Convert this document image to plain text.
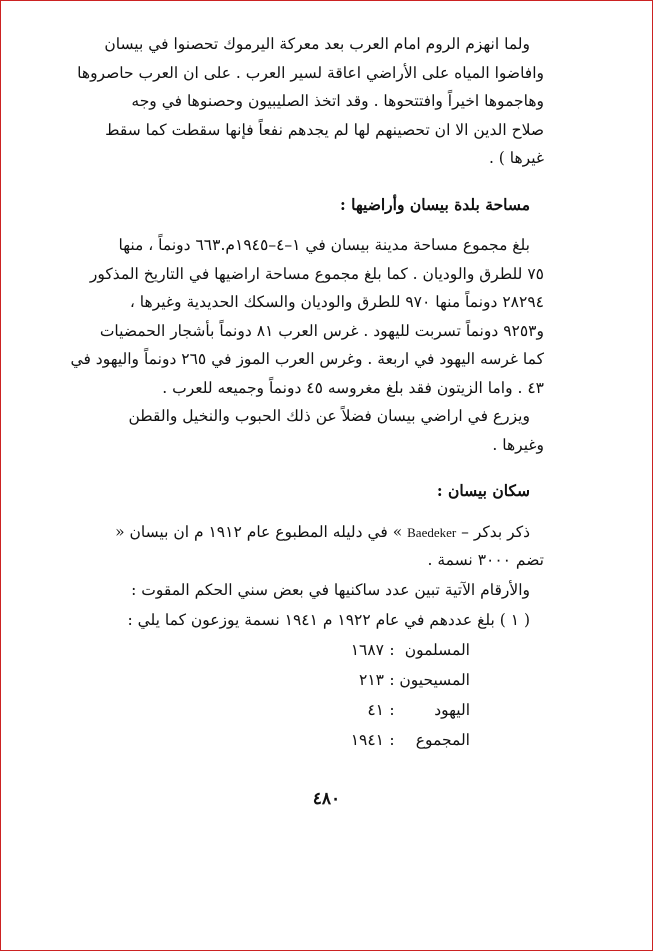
ولما انهزم الروم امام العرب بعد معركة اليرموك تحصنوا في بيسان
وافاضوا المياه على الأراضي اعاقة لسير العرب . على ان العرب حاصروها
وهاجموها اخيراً وافتتحوها . وقد اتخذ الصليبيون وحصنوها في وجه
صلاح الدين الا ان تحصينهم لها لم يجدهم نفعاً فإنها سقطت كما سقط
غيرها ) .
مساحة بلدة بيسان وأراضيها :
بلغ مجموع مساحة مدينة بيسان في ١–٤–١٩٤٥م.٦٦٣ دونماً ، منها
٧٥ للطرق والوديان . كما بلغ مجموع مساحة اراضيها في التاريخ المذكور
٢٨٢٩٤ دونماً منها ٩٧٠ للطرق والوديان والسكك الحديدية وغيرها ،
و٩٢٥٣ دونماً تسربت لليهود . غرس العرب ٨١ دونماً بأشجار الحمضيات
كما غرسه اليهود في اربعة . وغرس العرب الموز في ٢٦٥ دونماً واليهود في
٤٣ . واما الزيتون فقد بلغ مغروسه ٤٥ دونماً وجميعه للعرب .
ويزرع في اراضي بيسان فضلاً عن ذلك الحبوب والنخيل والقطن
وغيرها .
سكان بيسان :
ذكر بدكر – Baedeker » في دليله المطبوع عام ١٩١٢ م ان بيسان «
تضم ٣٠٠٠ نسمة .
والأرقام الآتية تبين عدد ساكنيها في بعض سني الحكم المقوت :
( ١ ) بلغ عددهم في عام ١٩٢٢ م ١٩٤١ نسمة يوزعون كما يلي :
المسلمون
:
١٦٨٧
المسيحيون
:
٢١٣
اليهود
:
٤١
المجموع
:
١٩٤١
٤٨٠
